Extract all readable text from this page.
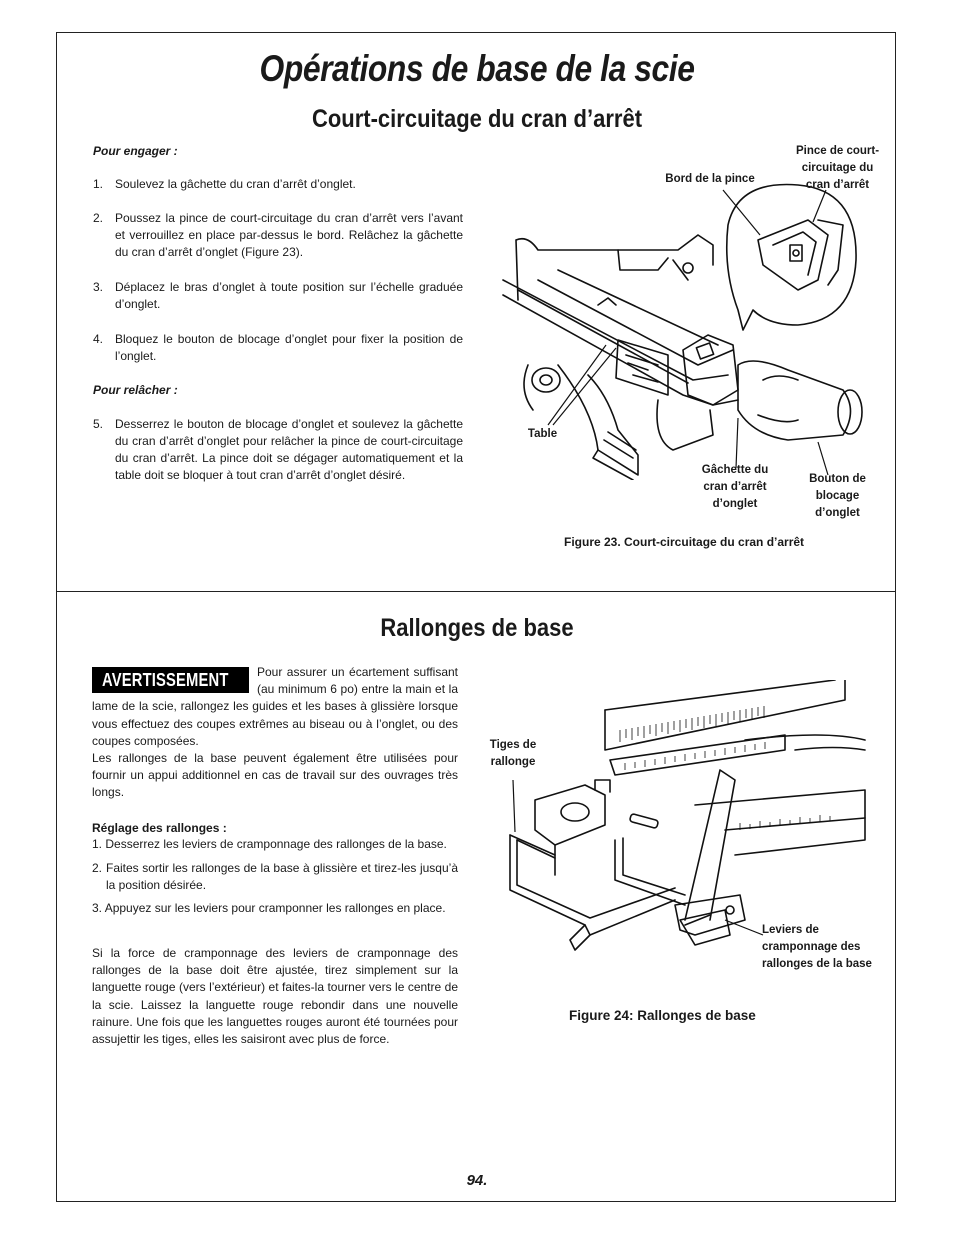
Opérations de base de la scie
Court-circuitage du cran d’arrêt
Pour engager :
1. Soulevez la gâchette du cran d’arrêt d’onglet.
2. Poussez la pince de court-circuitage du cran d’arrêt vers l’avant et verrouillez en place par-dessus le bord. Relâchez la gâchette du cran d’arrêt d’onglet (Figure 23).
3. Déplacez le bras d’onglet à toute position sur l’échelle graduée d’onglet.
4. Bloquez le bouton de blocage d’onglet pour fixer la position de l’onglet.
Pour relâcher :
5. Desserrez le bouton de blocage d’onglet et soulevez la gâchette du cran d’arrêt d’onglet pour relâcher la pince de court-circuitage du cran d’arrêt. La pince doit se dégager automatiquement et la table doit se bloquer à tout cran d’arrêt d’onglet désiré.
Pince de court-circuitage du cran d’arrêt
Bord de la pince
Table
Gâchette du cran d’arrêt d’onglet
Bouton de blocage d’onglet
Figure 23. Court-circuitage du cran d’arrêt
Rallonges de base
AVERTISSEMENT	Pour assurer un écartement suffisant (au minimum 6 po) entre la main et la lame de la scie, rallongez les guides et les bases à glissière lorsque vous effectuez des coupes extrêmes au biseau ou à l’onglet, ou des coupes composées.
Les rallonges de la base peuvent également être utilisées pour fournir un appui additionnel en cas de travail sur des ouvrages très longs.
Réglage des rallonges :
1. Desserrez les leviers de cramponnage des rallonges de la base.
2. Faites sortir les rallonges de la base à glissière et tirez-les jusqu’à la position désirée.
3. Appuyez sur les leviers pour cramponner les rallonges en place.
Si la force de cramponnage des leviers de cramponnage des rallonges de la base doit être ajustée, tirez simplement sur la languette rouge (vers l’extérieur) et faites-la tourner vers le centre de la scie. Laissez la languette rouge rebondir dans une nouvelle rainure. Une fois que les languettes rouges auront été tournées pour assujettir les tiges, elles les saisiront avec plus de force.
Tiges de rallonge
Leviers de cramponnage des rallonges de la base
Figure 24: Rallonges de base
94.
